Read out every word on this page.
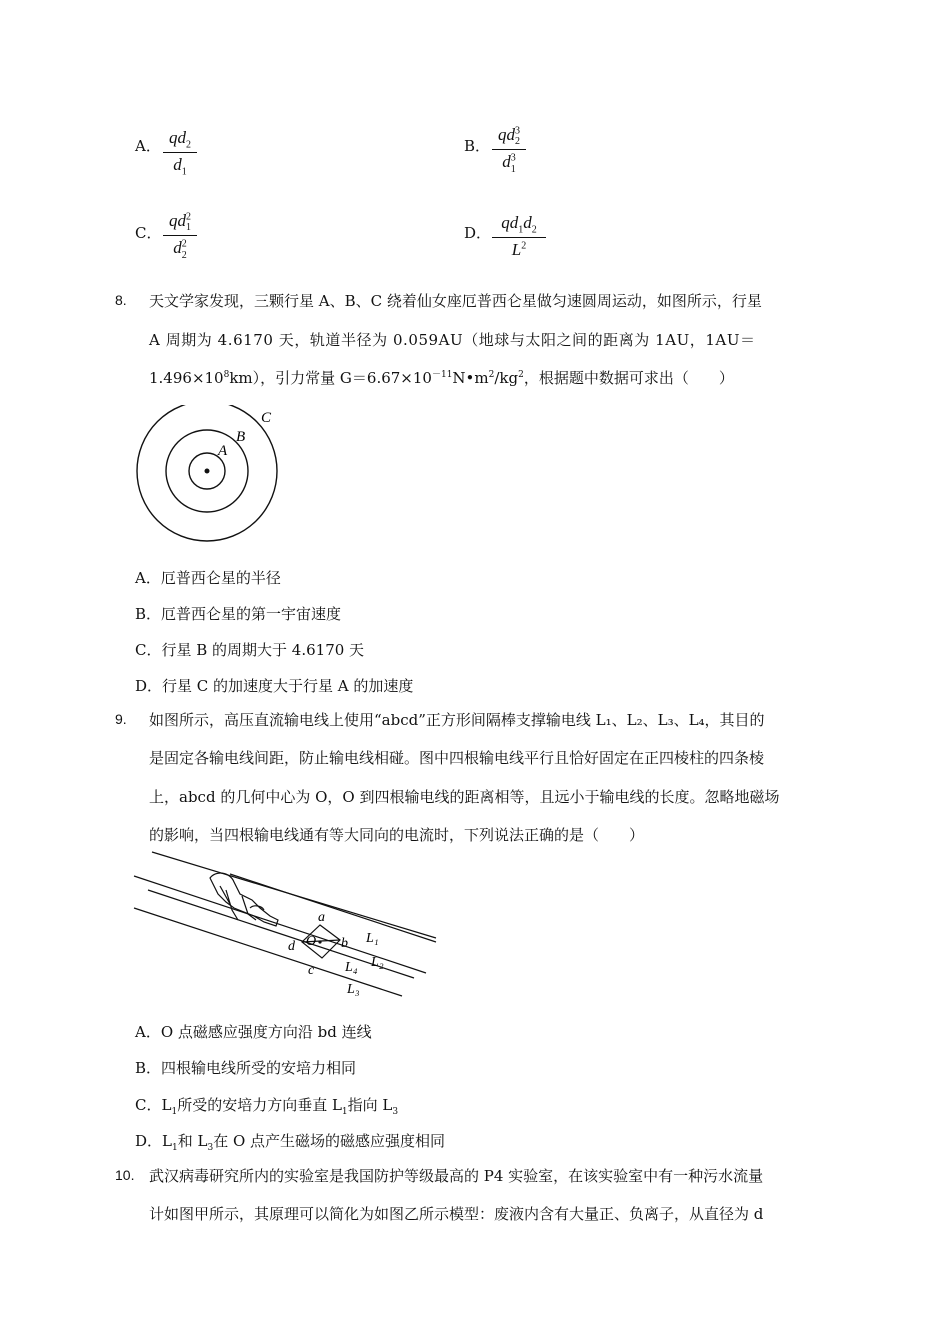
A． $\frac{qd_2}{d_1}$	B． $\frac{qd^3_2}{d^3_1}$
C． $\frac{qd^2_1}{d^2_2}$	D． $\frac{qd_1d_2}{L^2}$
8. 天文学家发现，三颗行星 A、B、C 绕着仙女座厄普西仑星做匀速圆周运动，如图所示，行星
A 周期为 4.6170 天，轨道半径为 0.059AU（地球与太阳之间的距离为 1AU，1AU＝
$1.496\times 10^8km$），引力常量 $G=6.67\times 10^{-11}N•m^2/kg^2$，根据题中数据可求出（　　）
A
B
C
A．厄普西仑星的半径
B．厄普西仑星的第一宇宙速度
C．行星 B 的周期大于 4.6170 天
D．行星 C 的加速度大于行星 A 的加速度
9. 如图所示，高压直流输电线上使用“abcd”正方形间隔棒支撑输电线 L₁、L₂、L₃、L₄，其目的
是固定各输电线间距，防止输电线相碰。图中四根输电线平行且恰好固定在正四棱柱的四条棱
上，abcd 的几何中心为 O，O 到四根输电线的距离相等，且远小于输电线的长度。忽略地磁场
的影响，当四根输电线通有等大同向的电流时，下列说法正确的是（　　）
a
b
c
d O	L₁
L₂
L₄
L₃
A．O 点磁感应强度方向沿 bd 连线
B．四根输电线所受的安培力相同
C．$L_1$所受的安培力方向垂直 $L_1$指向 $L_3$
D．$L_1$和 $L_3$在 O 点产生磁场的磁感应强度相同
10. 武汉病毒研究所内的实验室是我国防护等级最高的 P4 实验室，在该实验室中有一种污水流量
计如图甲所示，其原理可以简化为如图乙所示模型：废液内含有大量正、负离子，从直径为 d
